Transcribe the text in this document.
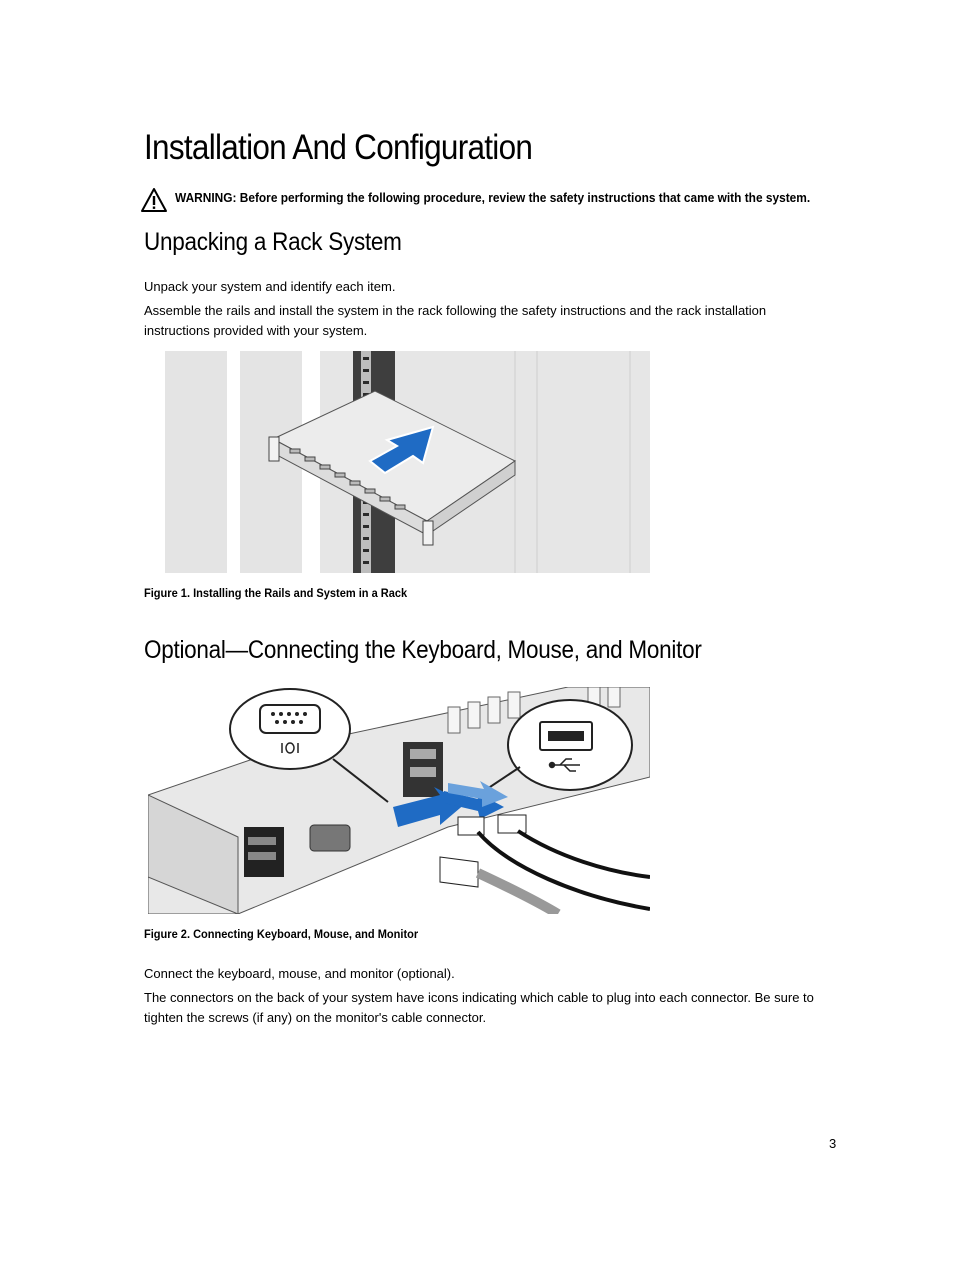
Installation And Configuration
WARNING: Before performing the following procedure, review the safety instructions that came with the system.
Unpacking a Rack System

Unpack your system and identify each item.

Assemble the rails and install the system in the rack following the safety instructions and the rack installation instructions provided with your system.

Figure 1. Installing the Rails and System in a Rack
Optional—Connecting the Keyboard, Mouse, and Monitor
Figure 2. Connecting Keyboard, Mouse, and Monitor

Connect the keyboard, mouse, and monitor (optional).

The connectors on the back of your system have icons indicating which cable to plug into each connector. Be sure to tighten the screws (if any) on the monitor's cable connector.

3
